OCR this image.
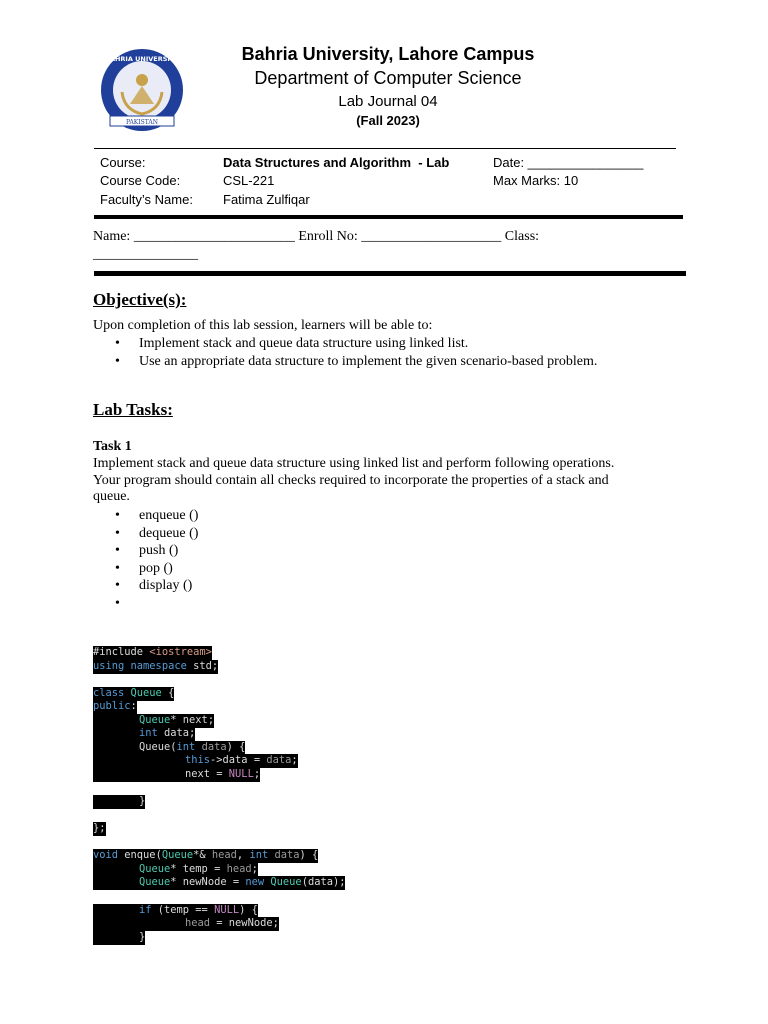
PAKISTAN
BAHRIA UNIVERSITY	Bahria University, Lahore Campus
Department of Computer Science
Lab Journal 04
(Fall 2023)
Course:	Data Structures and Algorithm  - Lab	Date: ________________
Course Code:	CSL-221	Max Marks: 10
Faculty’s Name: Fatima Zulfiqar
Name: _______________________ Enroll No: ____________________ Class:
_______________
Objective(s):
Upon completion of this lab session, learners will be able to:
• Implement stack and queue data structure using linked list.
• Use an appropriate data structure to implement the given scenario-based problem.
Lab Tasks:
Task 1
Implement stack and queue data structure using linked list and perform following operations.
Your program should contain all checks required to incorporate the properties of a stack and
queue.
• enqueue ()
• dequeue ()
• push ()
• pop ()
• display ()
•
#include <iostream>
using namespace std;
class Queue {
public:
Queue* next;
int data;
Queue(int data) {
this->data = data;
next = NULL;
}
};
void enque(Queue*& head, int data) {
Queue* temp = head;
Queue* newNode = new Queue(data);
if (temp == NULL) {
head = newNode;
}
